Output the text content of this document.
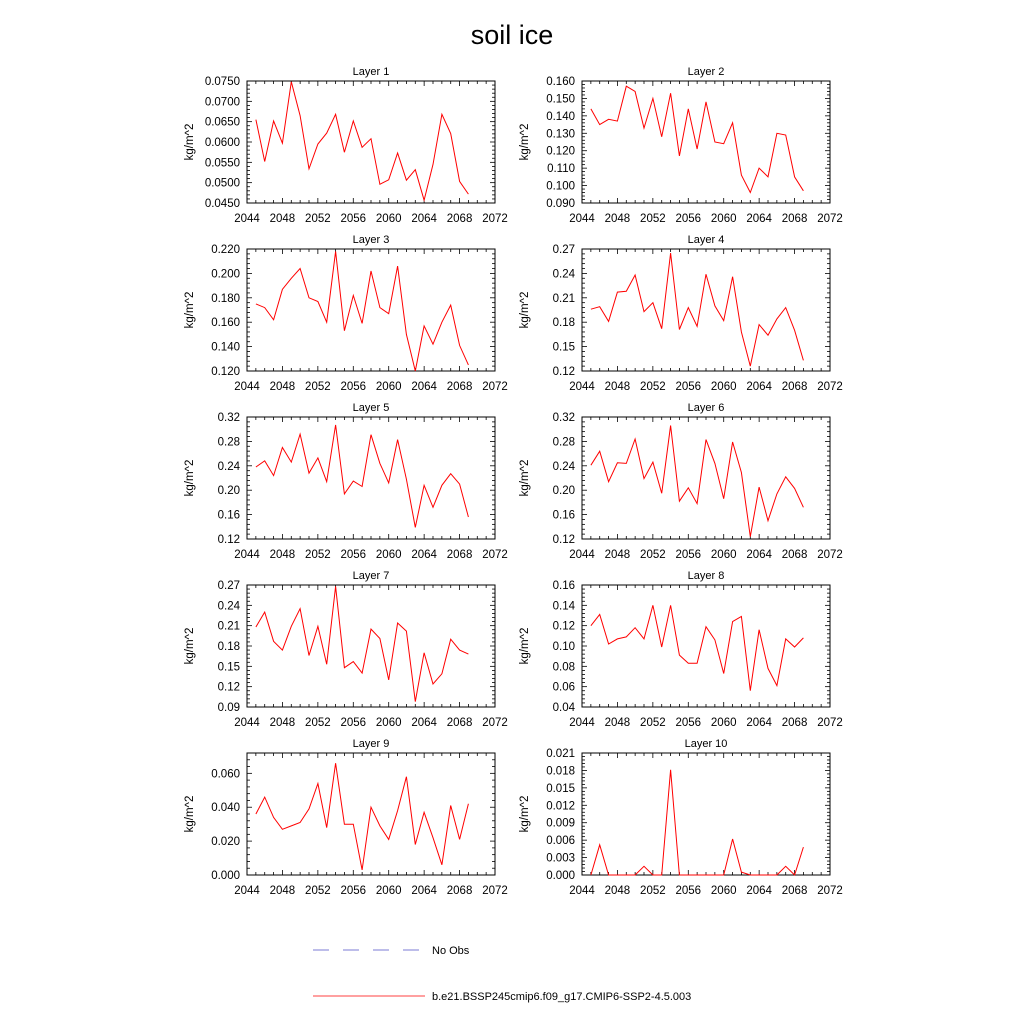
soil ice
2044 2048 2052 2056 2060 2064 2068 2072
0.0450
0.0500
0.0550
0.0600
0.0650
0.0700
0.0750
Layer 1
kg/m^2
2044 2048 2052 2056 2060 2064 2068 2072
0.090
0.100
0.110
0.120
0.130
0.140
0.150
0.160
Layer 2
kg/m^2
2044 2048 2052 2056 2060 2064 2068 2072
0.120
0.140
0.160
0.180
0.200
0.220
Layer 3
kg/m^2
2044 2048 2052 2056 2060 2064 2068 2072
0.12
0.15
0.18
0.21
0.24
0.27
Layer 4
kg/m^2
2044 2048 2052 2056 2060 2064 2068 2072
0.12
0.16
0.20
0.24
0.28
0.32
Layer 5
kg/m^2
2044 2048 2052 2056 2060 2064 2068 2072
0.12
0.16
0.20
0.24
0.28
0.32
Layer 6
kg/m^2
2044 2048 2052 2056 2060 2064 2068 2072
0.09
0.12
0.15
0.18
0.21
0.24
0.27
Layer 7
kg/m^2
2044 2048 2052 2056 2060 2064 2068 2072
0.04
0.06
0.08
0.10
0.12
0.14
0.16
Layer 8
kg/m^2
2044 2048 2052 2056 2060 2064 2068 2072
0.000
0.020
0.040
0.060
Layer 9
kg/m^2
2044 2048 2052 2056 2060 2064 2068 2072
0.000
0.003
0.006
0.009
0.012
0.015
0.018
0.021
Layer 10
kg/m^2
No Obs
b.e21.BSSP245cmip6.f09_g17.CMIP6-SSP2-4.5.003
